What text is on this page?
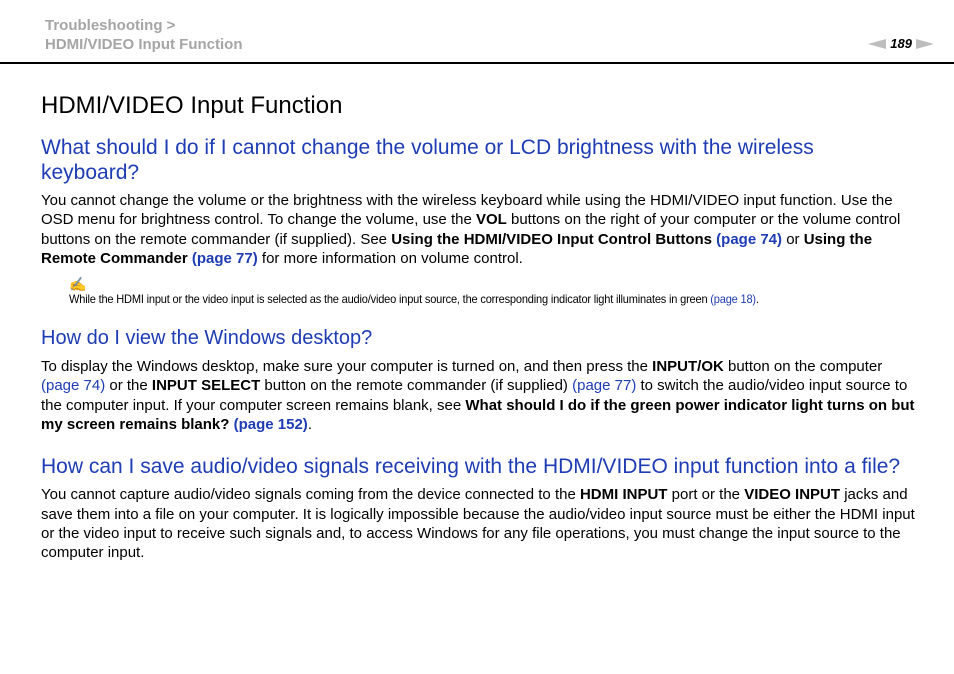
Troubleshooting >
HDMI/VIDEO Input Function	189
HDMI/VIDEO Input Function
What should I do if I cannot change the volume or LCD brightness with the wireless keyboard?

You cannot change the volume or the brightness with the wireless keyboard while using the HDMI/VIDEO input function. Use the OSD menu for brightness control. To change the volume, use the VOL buttons on the right of your computer or the volume control buttons on the remote commander (if supplied). See Using the HDMI/VIDEO Input Control Buttons (page 74) or Using the Remote Commander (page 77) for more information on volume control.

✍
While the HDMI input or the video input is selected as the audio/video input source, the corresponding indicator light illuminates in green (page 18).
How do I view the Windows desktop?

To display the Windows desktop, make sure your computer is turned on, and then press the INPUT/OK button on the computer (page 74) or the INPUT SELECT button on the remote commander (if supplied) (page 77) to switch the audio/video input source to the computer input. If your computer screen remains blank, see What should I do if the green power indicator light turns on but my screen remains blank? (page 152).

How can I save audio/video signals receiving with the HDMI/VIDEO input function into a file?

You cannot capture audio/video signals coming from the device connected to the HDMI INPUT port or the VIDEO INPUT jacks and save them into a file on your computer. It is logically impossible because the audio/video input source must be either the HDMI input or the video input to receive such signals and, to access Windows for any file operations, you must change the input source to the computer input.
